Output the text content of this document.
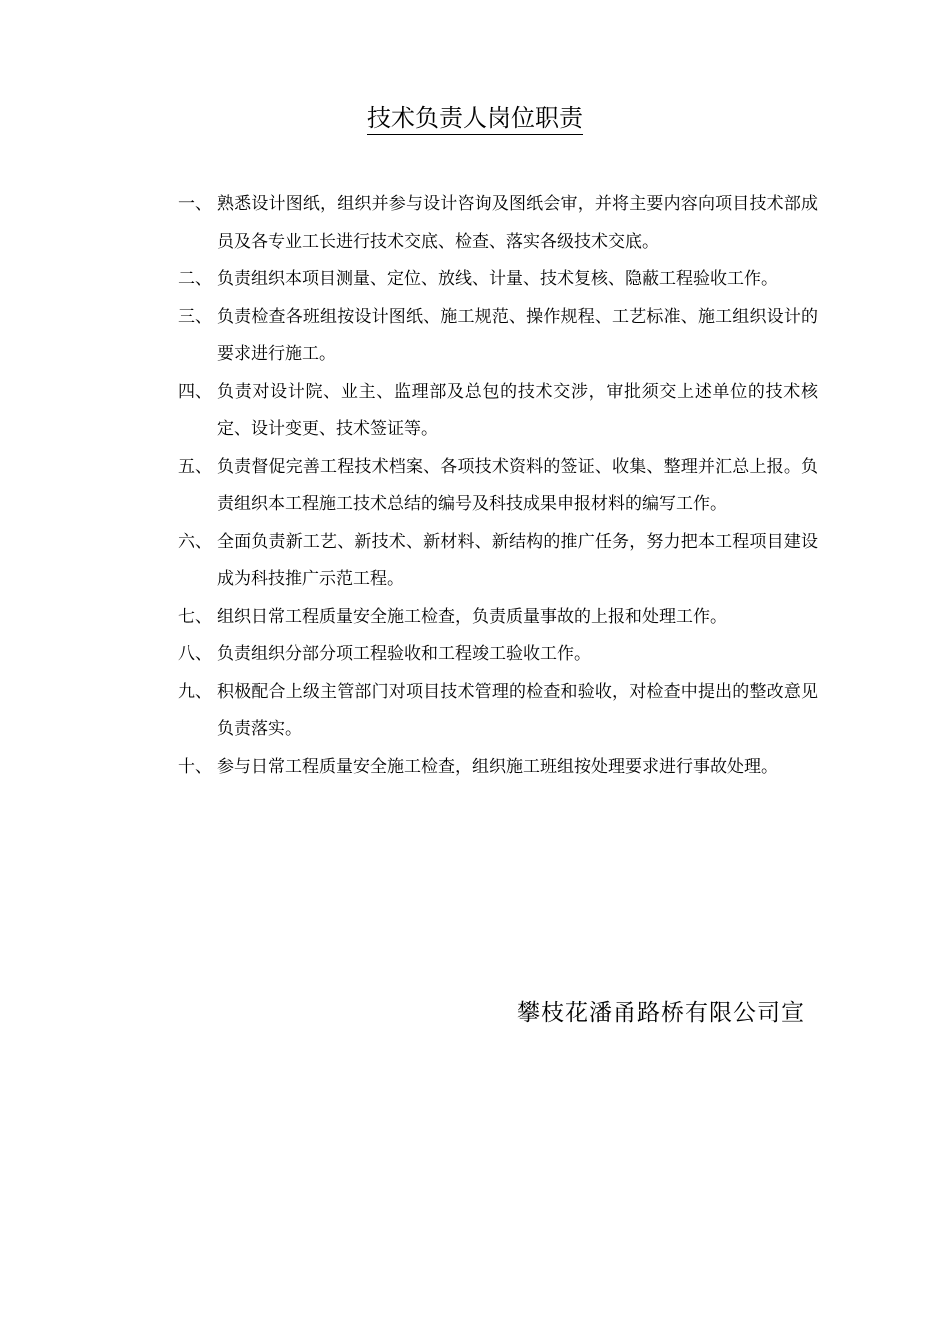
技术负责人岗位职责
一、 熟悉设计图纸，组织并参与设计咨询及图纸会审，并将主要内容向项目技术部成员及各专业工长进行技术交底、检查、落实各级技术交底。
二、 负责组织本项目测量、定位、放线、计量、技术复核、隐蔽工程验收工作。
三、 负责检查各班组按设计图纸、施工规范、操作规程、工艺标准、施工组织设计的要求进行施工。
四、 负责对设计院、业主、监理部及总包的技术交涉，审批须交上述单位的技术核定、设计变更、技术签证等。
五、 负责督促完善工程技术档案、各项技术资料的签证、收集、整理并汇总上报。负责组织本工程施工技术总结的编号及科技成果申报材料的编写工作。
六、 全面负责新工艺、新技术、新材料、新结构的推广任务，努力把本工程项目建设成为科技推广示范工程。
七、 组织日常工程质量安全施工检查，负责质量事故的上报和处理工作。
八、 负责组织分部分项工程验收和工程竣工验收工作。
九、 积极配合上级主管部门对项目技术管理的检查和验收，对检查中提出的整改意见负责落实。
十、 参与日常工程质量安全施工检查，组织施工班组按处理要求进行事故处理。
攀枝花潘甬路桥有限公司宣
